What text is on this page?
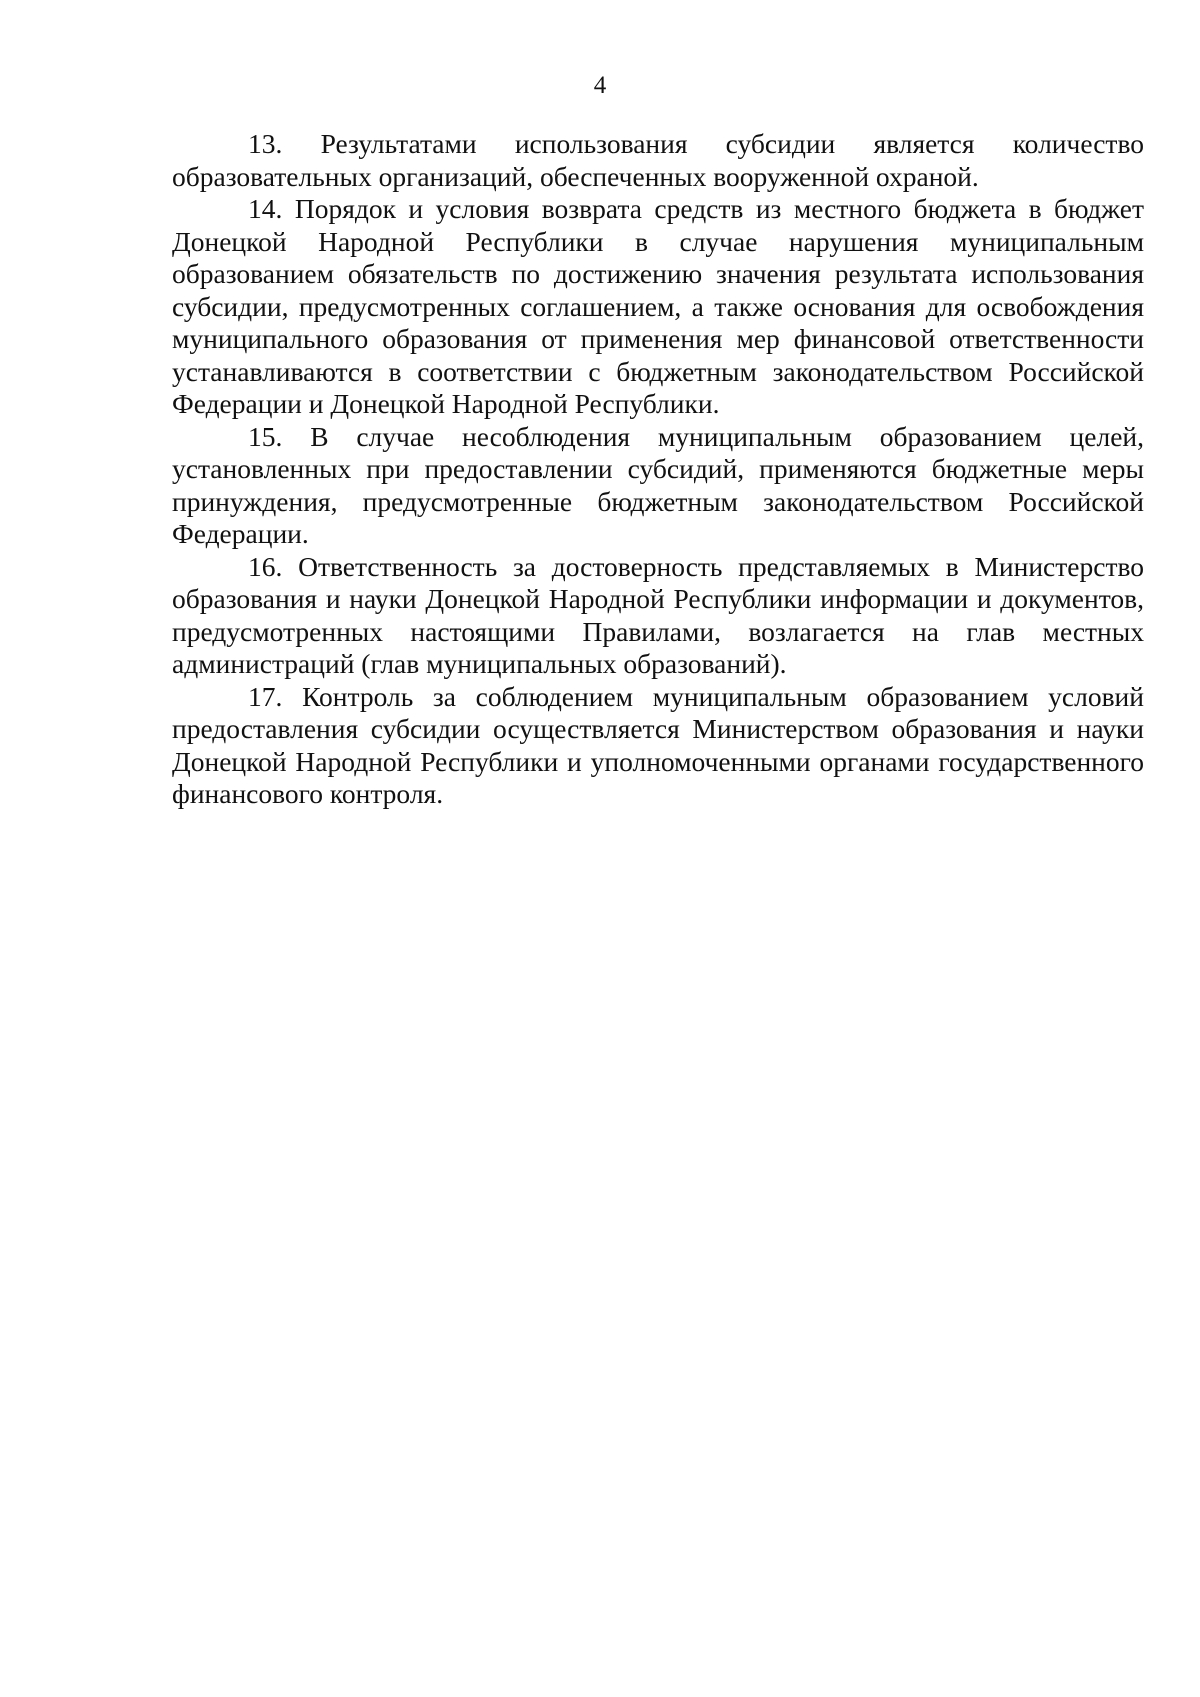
4

13. Результатами использования субсидии является количество образовательных организаций, обеспеченных вооруженной охраной.

14. Порядок и условия возврата средств из местного бюджета в бюджет Донецкой Народной Республики в случае нарушения муниципальным образованием обязательств по достижению значения результата использования субсидии, предусмотренных соглашением, а также основания для освобождения муниципального образования от применения мер финансовой ответственности устанавливаются в соответствии с бюджетным законодательством Российской Федерации и Донецкой Народной Республики.

15. В случае несоблюдения муниципальным образованием целей, установленных при предоставлении субсидий, применяются бюджетные меры принуждения, предусмотренные бюджетным законодательством Российской Федерации.

16. Ответственность за достоверность представляемых в Министерство образования и науки Донецкой Народной Республики информации и документов, предусмотренных настоящими Правилами, возлагается на глав местных администраций (глав муниципальных образований).

17. Контроль за соблюдением муниципальным образованием условий предоставления субсидии осуществляется Министерством образования и науки Донецкой Народной Республики и уполномоченными органами государственного финансового контроля.
